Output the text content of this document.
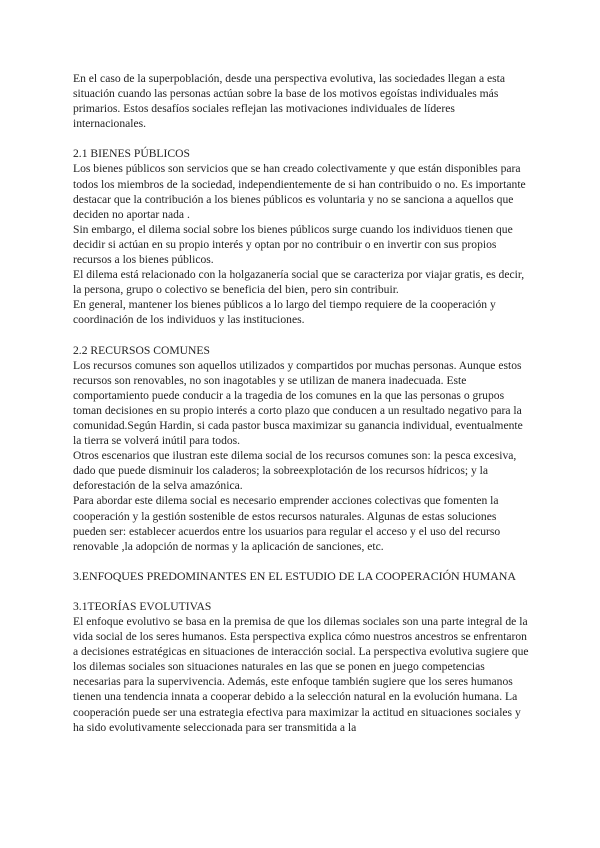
En el caso de la superpoblación, desde una perspectiva evolutiva, las sociedades llegan a esta situación cuando las personas actúan sobre la base de los motivos egoístas individuales más primarios. Estos desafíos sociales reflejan las motivaciones individuales de líderes internacionales.

2.1 BIENES PÚBLICOS

Los bienes públicos son servicios que se han creado colectivamente y que están disponibles para todos los miembros de la sociedad, independientemente de si han contribuido o no. Es importante destacar que la contribución a los bienes públicos es voluntaria y no se sanciona a aquellos que deciden no aportar nada .

Sin embargo, el dilema social sobre los bienes públicos surge cuando los individuos tienen que decidir si actúan en su propio interés y optan por no contribuir o en invertir con sus propios recursos a los bienes públicos.

El dilema está relacionado con la holgazanería social que se caracteriza por viajar gratis, es decir, la persona, grupo o colectivo se beneficia del bien, pero sin contribuir.

En general, mantener los bienes públicos a lo largo del tiempo requiere de la cooperación y coordinación de los individuos y las instituciones.

2.2 RECURSOS COMUNES

Los recursos comunes son aquellos utilizados y compartidos por muchas personas. Aunque estos recursos son renovables, no son inagotables y se utilizan de manera inadecuada. Este comportamiento puede conducir a la tragedia de los comunes en la que las personas o grupos toman decisiones en su propio interés a corto plazo que conducen a un resultado negativo para la comunidad.Según Hardin, si cada pastor busca maximizar su ganancia individual, eventualmente la tierra se volverá inútil para todos.

Otros escenarios que ilustran este dilema social de los recursos comunes son: la pesca excesiva, dado que puede disminuir los caladeros; la sobreexplotación de los recursos hídricos; y la deforestación de la selva amazónica.

Para abordar este dilema social es necesario emprender acciones colectivas que fomenten la cooperación y la gestión sostenible de estos recursos naturales. Algunas de estas soluciones pueden ser: establecer acuerdos entre los usuarios para regular el acceso y el uso del recurso renovable ,la adopción de normas y la aplicación de sanciones, etc.

3.ENFOQUES PREDOMINANTES EN EL ESTUDIO DE LA COOPERACIÓN HUMANA

3.1TEORÍAS EVOLUTIVAS

El enfoque evolutivo se basa en la premisa de que los dilemas sociales son una parte integral de la vida social de los seres humanos. Esta perspectiva explica cómo nuestros ancestros se enfrentaron a decisiones estratégicas en situaciones de interacción social. La perspectiva evolutiva sugiere que los dilemas sociales son situaciones naturales en las que se ponen en juego competencias necesarias para la supervivencia. Además, este enfoque también sugiere que los seres humanos tienen una tendencia innata a cooperar debido a la selección natural en la evolución humana. La cooperación puede ser una estrategia efectiva para maximizar la actitud en situaciones sociales y ha sido evolutivamente seleccionada para ser transmitida a la
